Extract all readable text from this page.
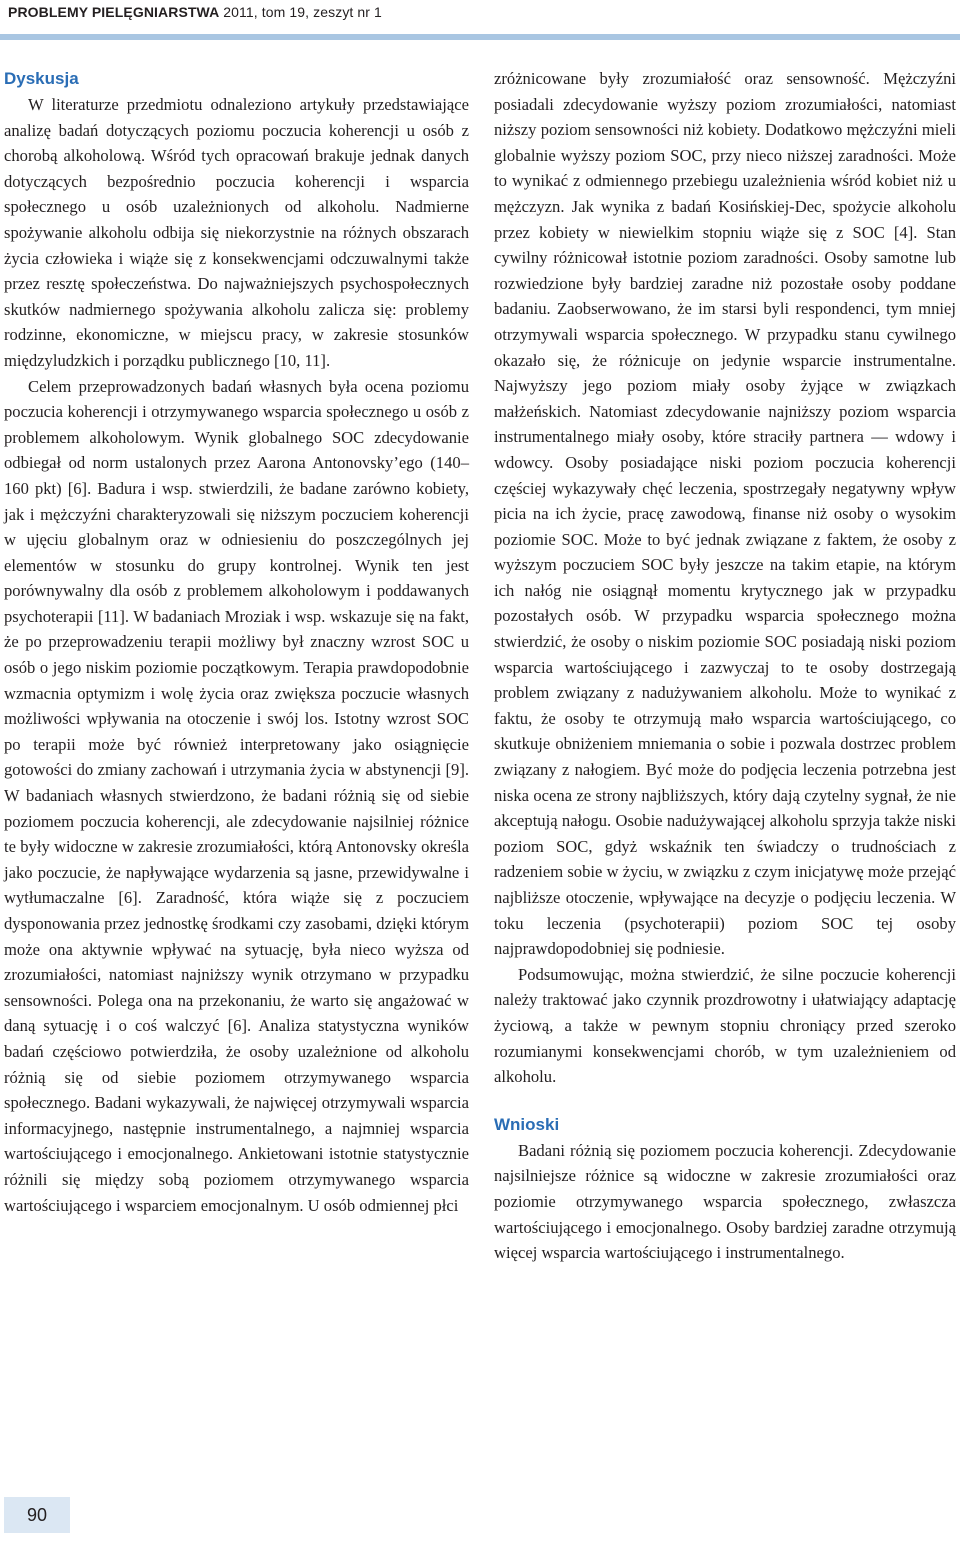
PROBLEMY PIELĘGNIARSTWA 2011, tom 19, zeszyt nr 1
Dyskusja

W literaturze przedmiotu odnaleziono artykuły przedstawiające analizę badań dotyczących poziomu poczucia koherencji u osób z chorobą alkoholową. Wśród tych opracowań brakuje jednak danych dotyczących bezpośrednio poczucia koherencji i wsparcia społecznego u osób uzależnionych od alkoholu. Nadmierne spożywanie alkoholu odbija się niekorzystnie na różnych obszarach życia człowieka i wiąże się z konsekwencjami odczuwalnymi także przez resztę społeczeństwa. Do najważniejszych psychospołecznych skutków nadmiernego spożywania alkoholu zalicza się: problemy rodzinne, ekonomiczne, w miejscu pracy, w zakresie stosunków międzyludzkich i porządku publicznego [10, 11].

Celem przeprowadzonych badań własnych była ocena poziomu poczucia koherencji i otrzymywanego wsparcia społecznego u osób z problemem alkoholowym. Wynik globalnego SOC zdecydowanie odbiegał od norm ustalonych przez Aarona Antonovsky’ego (140–160 pkt) [6]. Badura i wsp. stwierdzili, że badane zarówno kobiety, jak i mężczyźni charakteryzowali się niższym poczuciem koherencji w ujęciu globalnym oraz w odniesieniu do poszczególnych jej elementów w stosunku do grupy kontrolnej. Wynik ten jest porównywalny dla osób z problemem alkoholowym i poddawanych psychoterapii [11]. W badaniach Mroziak i wsp. wskazuje się na fakt, że po przeprowadzeniu terapii możliwy był znaczny wzrost SOC u osób o jego niskim poziomie początkowym. Terapia prawdopodobnie wzmacnia optymizm i wolę życia oraz zwiększa poczucie własnych możliwości wpływania na otoczenie i swój los. Istotny wzrost SOC po terapii może być również interpretowany jako osiągnięcie gotowości do zmiany zachowań i utrzymania życia w abstynencji [9]. W badaniach własnych stwierdzono, że badani różnią się od siebie poziomem poczucia koherencji, ale zdecydowanie najsilniej różnice te były widoczne w zakresie zrozumiałości, którą Antonovsky określa jako poczucie, że napływające wydarzenia są jasne, przewidywalne i wytłumaczalne [6]. Zaradność, która wiąże się z poczuciem dysponowania przez jednostkę środkami czy zasobami, dzięki którym może ona aktywnie wpływać na sytuację, była nieco wyższa od zrozumiałości, natomiast najniższy wynik otrzymano w przypadku sensowności. Polega ona na przekonaniu, że warto się angażować w daną sytuację i o coś walczyć [6]. Analiza statystyczna wyników badań częściowo potwierdziła, że osoby uzależnione od alkoholu różnią się od siebie poziomem otrzymywanego wsparcia społecznego. Badani wykazywali, że najwięcej otrzymywali wsparcia informacyjnego, następnie instrumentalnego, a najmniej wsparcia wartościującego i emocjonalnego. Ankietowani istotnie statystycznie różnili się między sobą poziomem otrzymywanego wsparcia wartościującego i wsparciem emocjonalnym. U osób odmiennej płci

zróżnicowane były zrozumiałość oraz sensowność. Mężczyźni posiadali zdecydowanie wyższy poziom zrozumiałości, natomiast niższy poziom sensowności niż kobiety. Dodatkowo mężczyźni mieli globalnie wyższy poziom SOC, przy nieco niższej zaradności. Może to wynikać z odmiennego przebiegu uzależnienia wśród kobiet niż u mężczyzn. Jak wynika z badań Kosińskiej-Dec, spożycie alkoholu przez kobiety w niewielkim stopniu wiąże się z SOC [4]. Stan cywilny różnicował istotnie poziom zaradności. Osoby samotne lub rozwiedzione były bardziej zaradne niż pozostałe osoby poddane badaniu. Zaobserwowano, że im starsi byli respondenci, tym mniej otrzymywali wsparcia społecznego. W przypadku stanu cywilnego okazało się, że różnicuje on jedynie wsparcie instrumentalne. Najwyższy jego poziom miały osoby żyjące w związkach małżeńskich. Natomiast zdecydowanie najniższy poziom wsparcia instrumentalnego miały osoby, które straciły partnera — wdowy i wdowcy. Osoby posiadające niski poziom poczucia koherencji częściej wykazywały chęć leczenia, spostrzegały negatywny wpływ picia na ich życie, pracę zawodową, finanse niż osoby o wysokim poziomie SOC. Może to być jednak związane z faktem, że osoby z wyższym poczuciem SOC były jeszcze na takim etapie, na którym ich nałóg nie osiągnął momentu krytycznego jak w przypadku pozostałych osób. W przypadku wsparcia społecznego można stwierdzić, że osoby o niskim poziomie SOC posiadają niski poziom wsparcia wartościującego i zazwyczaj to te osoby dostrzegają problem związany z nadużywaniem alkoholu. Może to wynikać z faktu, że osoby te otrzymują mało wsparcia wartościującego, co skutkuje obniżeniem mniemania o sobie i pozwala dostrzec problem związany z nałogiem. Być może do podjęcia leczenia potrzebna jest niska ocena ze strony najbliższych, który dają czytelny sygnał, że nie akceptują nałogu. Osobie nadużywającej alkoholu sprzyja także niski poziom SOC, gdyż wskaźnik ten świadczy o trudnościach z radzeniem sobie w życiu, w związku z czym inicjatywę może przejąć najbliższe otoczenie, wpływające na decyzje o podjęciu leczenia. W toku leczenia (psychoterapii) poziom SOC tej osoby najprawdopodobniej się podniesie.

Podsumowując, można stwierdzić, że silne poczucie koherencji należy traktować jako czynnik prozdrowotny i ułatwiający adaptację życiową, a także w pewnym stopniu chroniący przed szeroko rozumianymi konsekwencjami chorób, w tym uzależnieniem od alkoholu.

Wnioski

Badani różnią się poziomem poczucia koherencji. Zdecydowanie najsilniejsze różnice są widoczne w zakresie zrozumiałości oraz poziomie otrzymywanego wsparcia społecznego, zwłaszcza wartościującego i emocjonalnego. Osoby bardziej zaradne otrzymują więcej wsparcia wartościującego i instrumentalnego.

90
